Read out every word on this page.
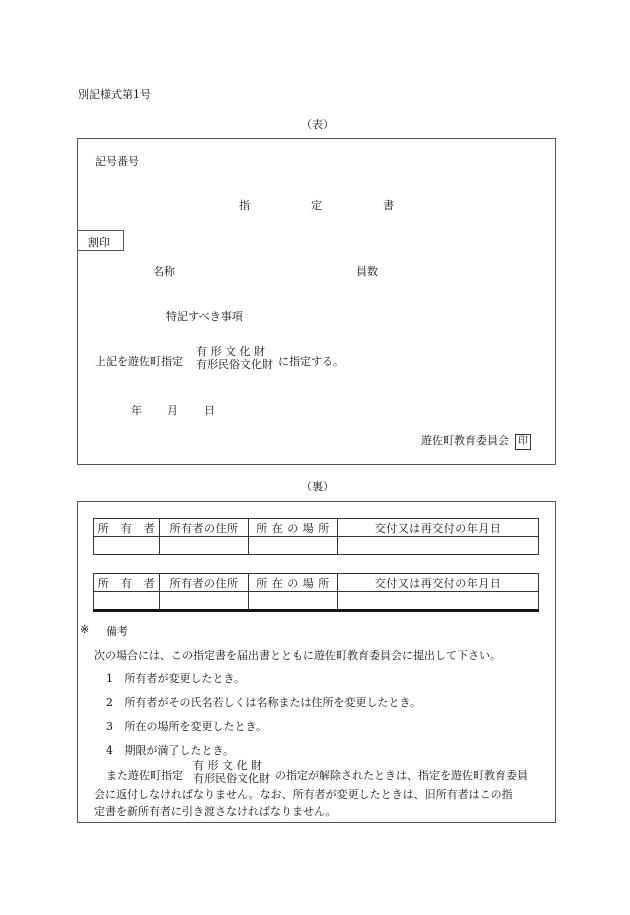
別記様式第1号
（表）
記号番号
指	定	書
割印
名称	員数
特記すべき事項
上記を遊佐町指定
有 形 文 化 財
有形民俗文化財 に指定する。
年 月 日
遊佐町教育委員会 印
（裏）
所　有　者	所有者の住所	所 在 の 場 所	交付又は再交付の年月日

所　有　者	所有者の住所	所 在 の 場 所	交付又は再交付の年月日

※ 備考
次の場合には、この指定書を届出書とともに遊佐町教育委員会に提出して下さい。
1 所有者が変更したとき。
2 所有者がその氏名若しくは名称または住所を変更したとき。
3 所在の場所を変更したとき。
4 期限が満了したとき。
また遊佐町指定
有 形 文 化 財
有形民俗文化財 の指定が解除されたときは、指定を遊佐町教育委員
会に返付しなければなりません。なお、所有者が変更したときは、旧所有者はこの指
定書を新所有者に引き渡さなければなりません。
